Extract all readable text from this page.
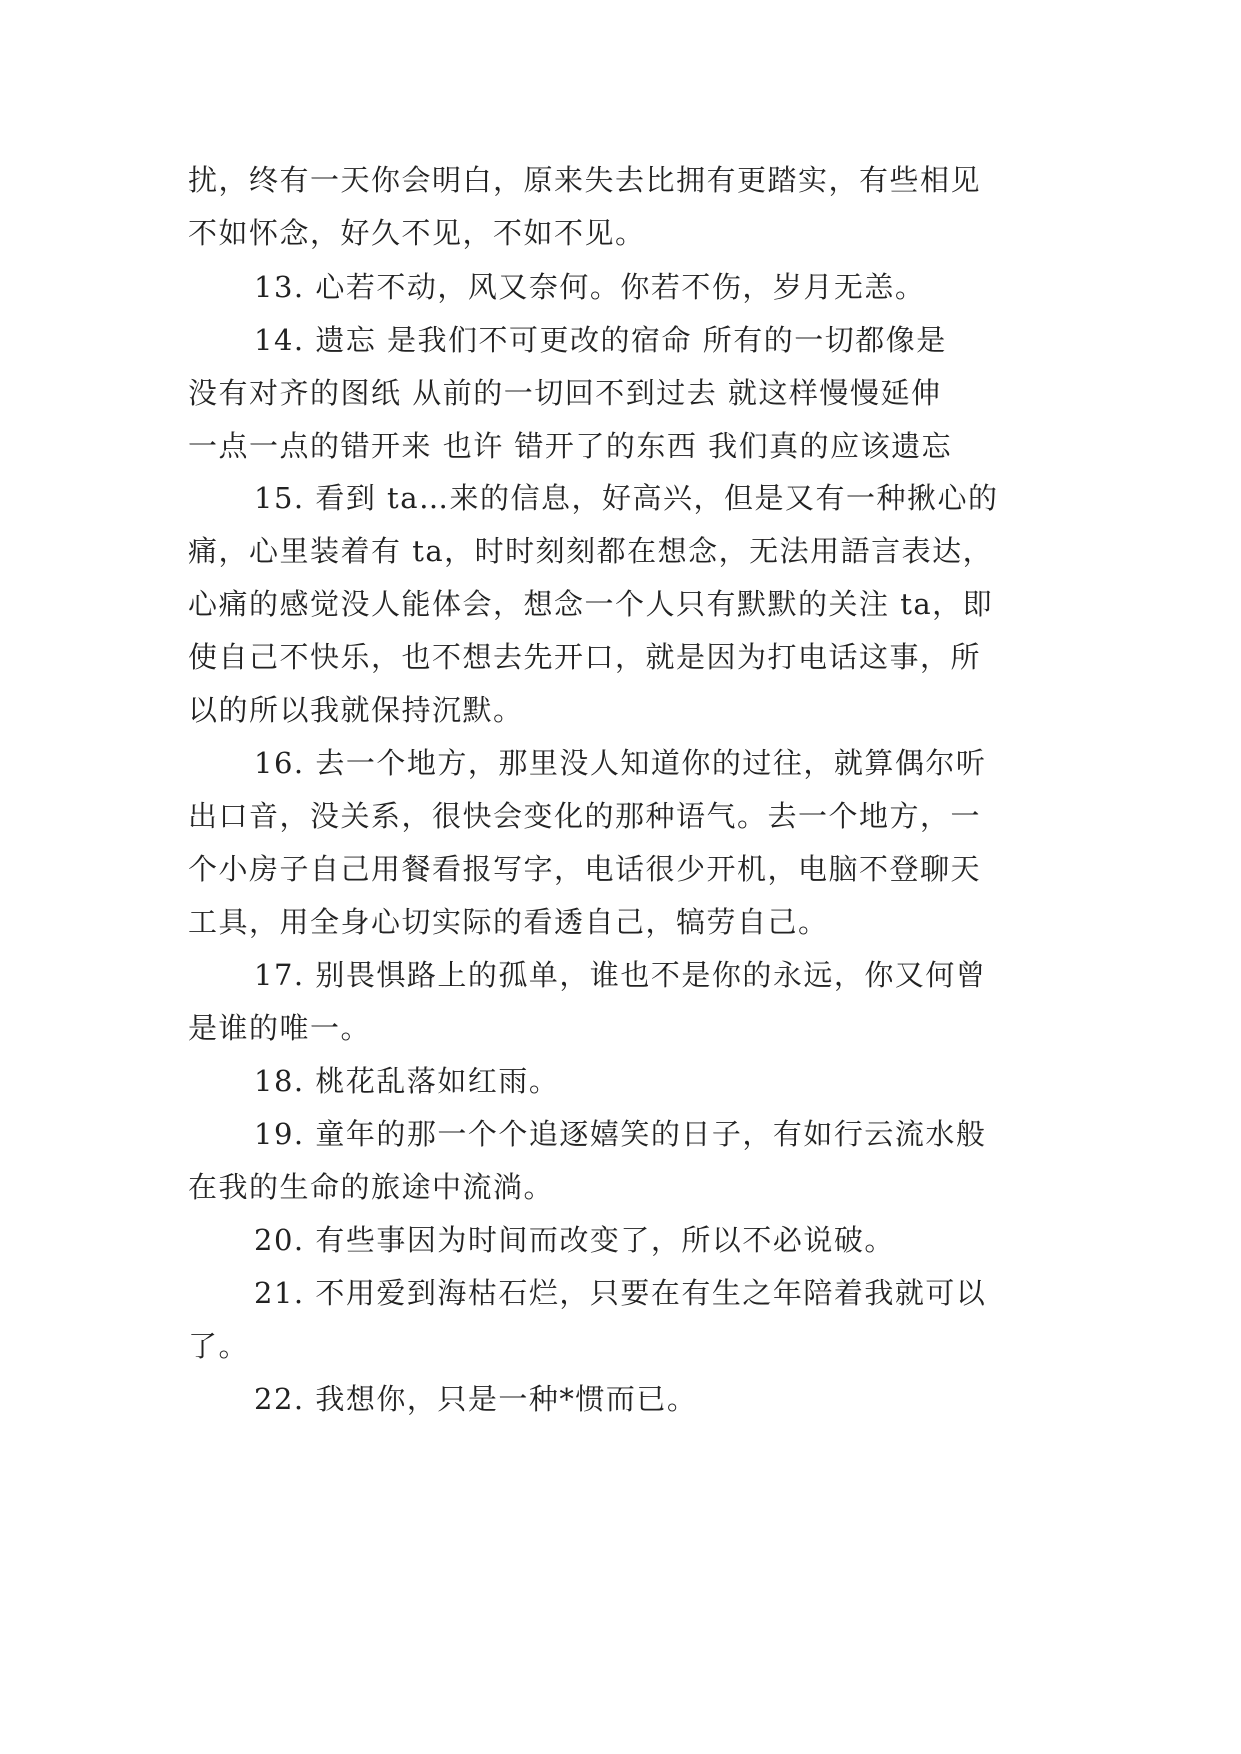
扰，终有一天你会明白，原来失去比拥有更踏实，有些相见
不如怀念，好久不见，不如不见。
13. 心若不动，风又奈何。你若不伤，岁月无恙。
14. 遗忘 是我们不可更改的宿命 所有的一切都像是
没有对齐的图纸 从前的一切回不到过去 就这样慢慢延伸
一点一点的错开来 也许 错开了的东西 我们真的应该遗忘
15. 看到 ta…来的信息，好高兴，但是又有一种揪心的
痛，心里装着有 ta，时时刻刻都在想念，无法用語言表达，
心痛的感觉没人能体会，想念一个人只有默默的关注 ta，即
使自己不快乐，也不想去先开口，就是因为打电话这事，所
以的所以我就保持沉默。
16. 去一个地方，那里没人知道你的过往，就算偶尔听
出口音，没关系，很快会变化的那种语气。去一个地方，一
个小房子自己用餐看报写字，电话很少开机，电脑不登聊天
工具，用全身心切实际的看透自己，犒劳自己。
17. 别畏惧路上的孤单，谁也不是你的永远，你又何曾
是谁的唯一。
18. 桃花乱落如红雨。
19. 童年的那一个个追逐嬉笑的日子，有如行云流水般
在我的生命的旅途中流淌。
20. 有些事因为时间而改变了，所以不必说破。
21. 不用爱到海枯石烂，只要在有生之年陪着我就可以
了。
22. 我想你，只是一种*惯而已。
